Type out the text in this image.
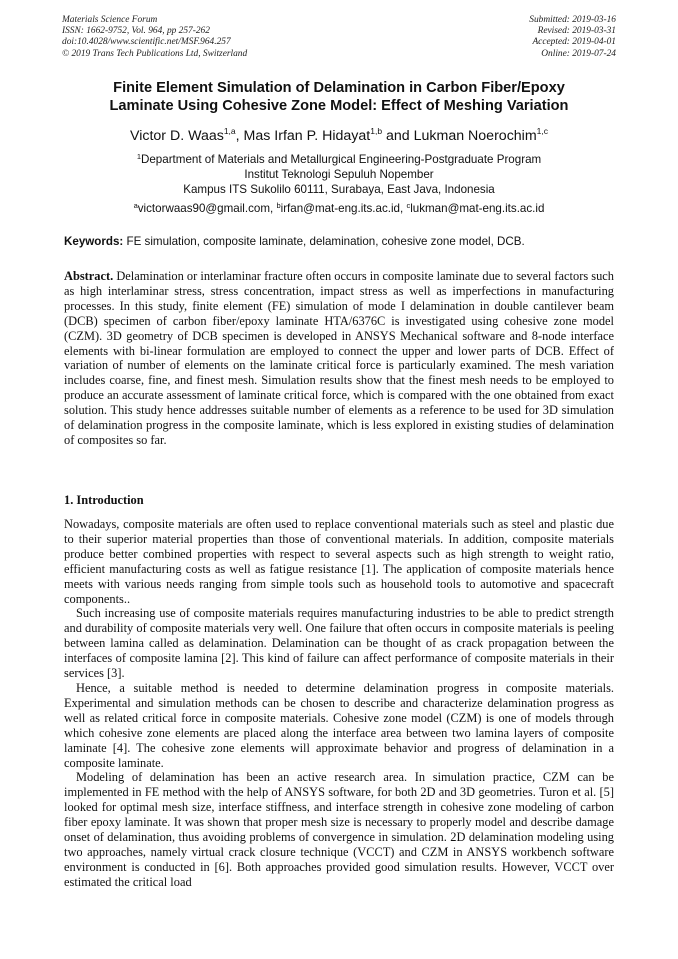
Materials Science Forum
ISSN: 1662-9752, Vol. 964, pp 257-262
doi:10.4028/www.scientific.net/MSF.964.257
© 2019 Trans Tech Publications Ltd, Switzerland
Submitted: 2019-03-16
Revised: 2019-03-31
Accepted: 2019-04-01
Online: 2019-07-24
Finite Element Simulation of Delamination in Carbon Fiber/Epoxy
Laminate Using Cohesive Zone Model: Effect of Meshing Variation
Victor D. Waas$^{1,a}$, Mas Irfan P. Hidayat$^{1,b}$ and Lukman Noerochim$^{1,c}$
$^1$Department of Materials and Metallurgical Engineering-Postgraduate Program
Institut Teknologi Sepuluh Nopember
Kampus ITS Sukolilo 60111, Surabaya, East Java, Indonesia
$^a$victorwaas90@gmail.com, $^b$irfan@mat-eng.its.ac.id, $^c$lukman@mat-eng.its.ac.id
Keywords: FE simulation, composite laminate, delamination, cohesive zone model, DCB.
Abstract. Delamination or interlaminar fracture often occurs in composite laminate due to several factors such as high interlaminar stress, stress concentration, impact stress as well as imperfections in manufacturing processes. In this study, finite element (FE) simulation of mode I delamination in double cantilever beam (DCB) specimen of carbon fiber/epoxy laminate HTA/6376C is investigated using cohesive zone model (CZM). 3D geometry of DCB specimen is developed in ANSYS Mechanical software and 8-node interface elements with bi-linear formulation are employed to connect the upper and lower parts of DCB. Effect of variation of number of elements on the laminate critical force is particularly examined. The mesh variation includes coarse, fine, and finest mesh. Simulation results show that the finest mesh needs to be employed to produce an accurate assessment of laminate critical force, which is compared with the one obtained from exact solution. This study hence addresses suitable number of elements as a reference to be used for 3D simulation of delamination progress in the composite laminate, which is less explored in existing studies of delamination of composites so far.
1. Introduction

Nowadays, composite materials are often used to replace conventional materials such as steel and plastic due to their superior material properties than those of conventional materials. In addition, composite materials produce better combined properties with respect to several aspects such as high strength to weight ratio, efficient manufacturing costs as well as fatigue resistance [1]. The application of composite materials hence meets with various needs ranging from simple tools such as household tools to automotive and spacecraft components..

Such increasing use of composite materials requires manufacturing industries to be able to predict strength and durability of composite materials very well. One failure that often occurs in composite materials is peeling between lamina called as delamination. Delamination can be thought of as crack propagation between the interfaces of composite lamina [2]. This kind of failure can affect performance of composite materials in their services [3].

Hence, a suitable method is needed to determine delamination progress in composite materials. Experimental and simulation methods can be chosen to describe and characterize delamination progress as well as related critical force in composite materials. Cohesive zone model (CZM) is one of models through which cohesive zone elements are placed along the interface area between two lamina layers of composite laminate [4]. The cohesive zone elements will approximate behavior and progress of delamination in a composite laminate.

Modeling of delamination has been an active research area. In simulation practice, CZM can be implemented in FE method with the help of ANSYS software, for both 2D and 3D geometries. Turon et al. [5] looked for optimal mesh size, interface stiffness, and interface strength in cohesive zone modeling of carbon fiber epoxy laminate. It was shown that proper mesh size is necessary to properly model and describe damage onset of delamination, thus avoiding problems of convergence in simulation. 2D delamination modeling using two approaches, namely virtual crack closure technique (VCCT) and CZM in ANSYS workbench software environment is conducted in [6]. Both approaches provided good simulation results. However, VCCT over estimated the critical load
